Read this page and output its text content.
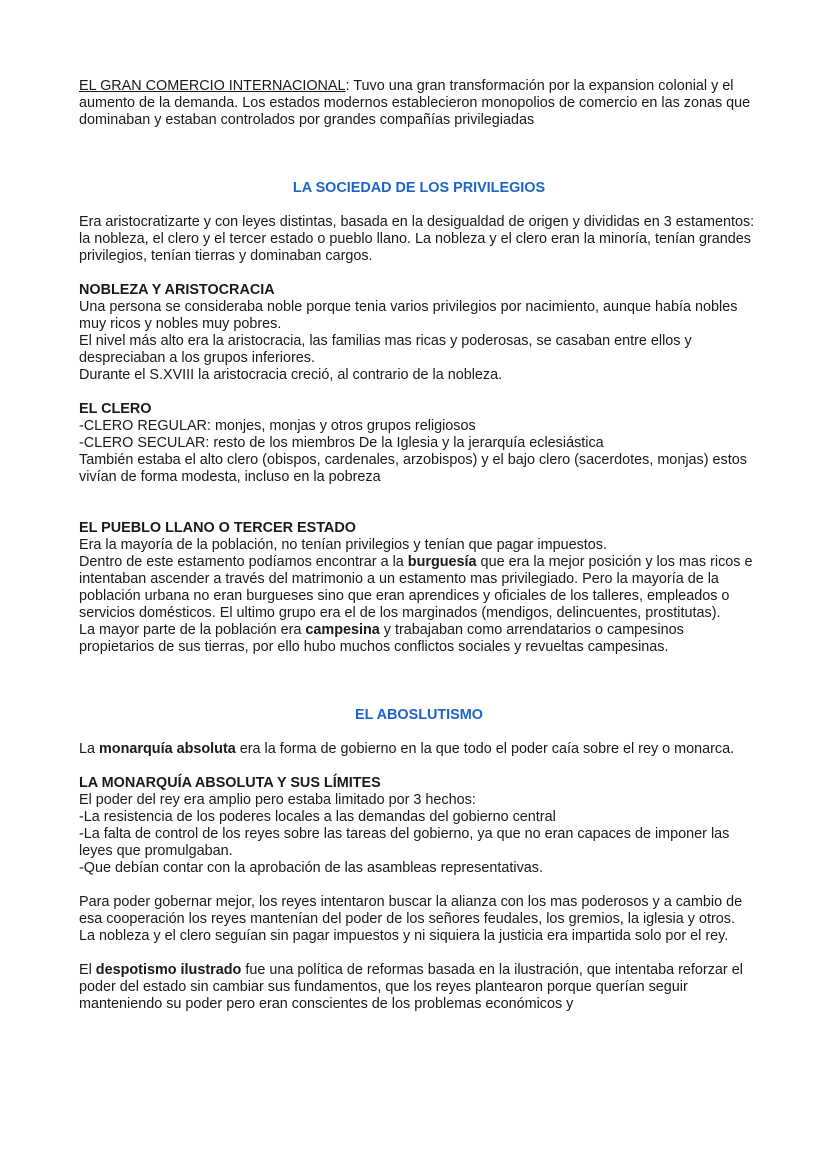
EL GRAN COMERCIO INTERNACIONAL: Tuvo una gran transformación por la expansion colonial y el aumento de la demanda. Los estados modernos establecieron monopolios de comercio en las zonas que dominaban y estaban controlados por grandes compañías privilegiadas

LA SOCIEDAD DE LOS PRIVILEGIOS

Era aristocratizarte y con leyes distintas, basada en la desigualdad de origen y divididas en 3 estamentos: la nobleza, el clero y el tercer estado o pueblo llano. La nobleza y el clero eran la minoría, tenían grandes privilegios, tenían tierras y dominaban cargos.

NOBLEZA Y ARISTOCRACIA

Una persona se consideraba noble porque tenia varios privilegios por nacimiento, aunque había nobles muy ricos y nobles muy pobres.

El nivel más alto era la aristocracia, las familias mas ricas y poderosas, se casaban entre ellos y despreciaban a los grupos inferiores.

Durante el S.XVIII la aristocracia creció, al contrario de la nobleza.

EL CLERO

-CLERO REGULAR: monjes, monjas y otros grupos religiosos

-CLERO SECULAR: resto de los miembros De la Iglesia y la jerarquía eclesiástica

También estaba el alto clero (obispos, cardenales, arzobispos) y el bajo clero (sacerdotes, monjas) estos vivían de forma modesta, incluso en la pobreza

EL PUEBLO LLANO O TERCER ESTADO

Era la mayoría de la población, no tenían privilegios y tenían que pagar impuestos.

Dentro de este estamento podíamos encontrar a la burguesía que era la mejor posición y los mas ricos e intentaban ascender a través del matrimonio a un estamento mas privilegiado. Pero la mayoría de la población urbana no eran burgueses sino que eran aprendices y oficiales de los talleres, empleados o servicios domésticos. El ultimo grupo era el de los marginados (mendigos, delincuentes, prostitutas).

La mayor parte de la población era campesina y trabajaban como arrendatarios o campesinos propietarios de sus tierras, por ello hubo muchos conflictos sociales y revueltas campesinas.

EL ABOSLUTISMO

La monarquía absoluta era la forma de gobierno en la que todo el poder caía sobre el rey o monarca.

LA MONARQUÍA ABSOLUTA Y SUS LÍMITES

El poder del rey era amplio pero estaba limitado por 3 hechos:

-La resistencia de los poderes locales a las demandas del gobierno central

-La falta de control de los reyes sobre las tareas del gobierno, ya que no eran capaces de imponer las leyes que promulgaban.

-Que debían contar con la aprobación de las asambleas representativas.

Para poder gobernar mejor, los reyes intentaron buscar la alianza con los mas poderosos y a cambio de esa cooperación los reyes mantenían del poder de los señores feudales, los gremios, la iglesia y otros.

La nobleza y el clero seguían sin pagar impuestos y ni siquiera la justicia era impartida solo por el rey.

El despotismo ilustrado fue una política de reformas basada en la ilustración, que intentaba reforzar el poder del estado sin cambiar sus fundamentos, que los reyes plantearon porque querían seguir manteniendo su poder pero eran conscientes de los problemas económicos y
